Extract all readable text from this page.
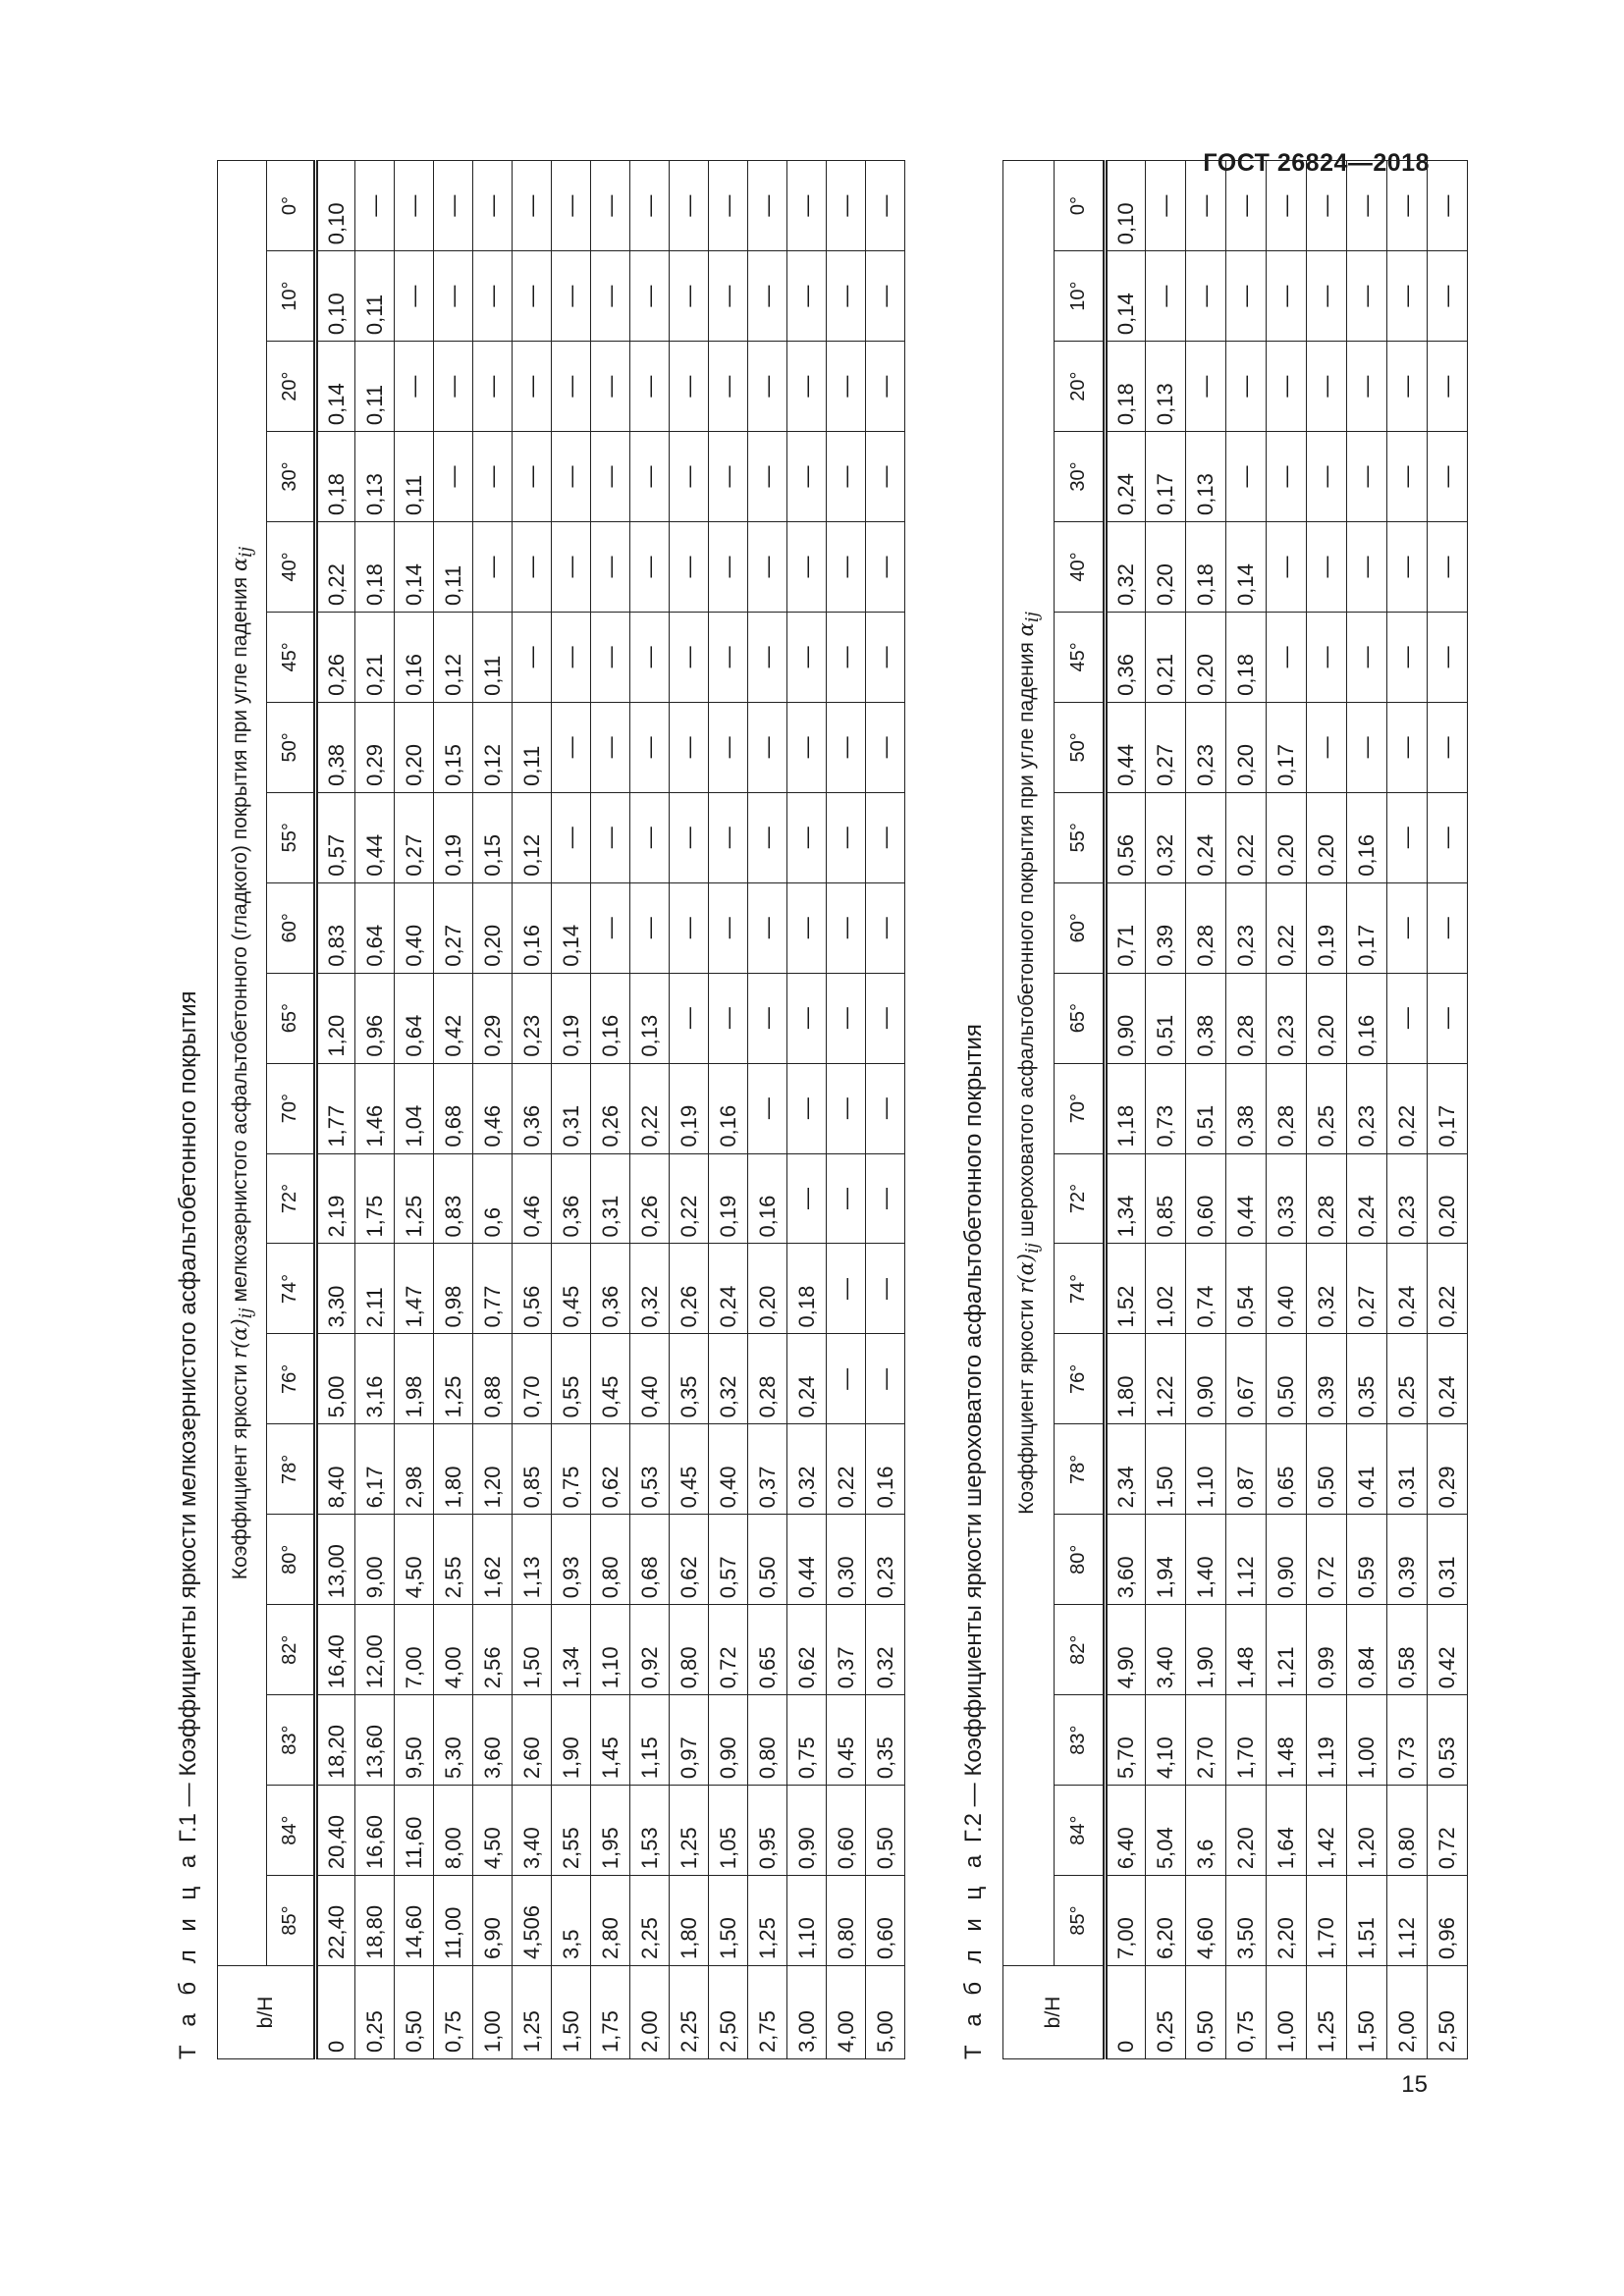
ГОСТ 26824—2018
Т а б л и ц а Г.1 — Коэффициенты яркости мелкозернистого асфальтобетонного покрытия
b/H	Коэффициент яркости $r(\alpha)_{ij}$ мелкозернистого асфальтобетонного (гладкого) покрытия при угле падения $\alpha_{ij}$
	85°	84°	83°	82°	80°	78°	76°	74°	72°	70°	65°	60°	55°	50°	45°	40°	30°	20°	10°	0°
0	22,40	20,40	18,20	16,40	13,00	8,40	5,00	3,30	2,19	1,77	1,20	0,83	0,57	0,38	0,26	0,22	0,18	0,14	0,10	0,10
0,25	18,80	16,60	13,60	12,00	9,00	6,17	3,16	2,11	1,75	1,46	0,96	0,64	0,44	0,29	0,21	0,18	0,13	0,11	0,11	—
0,50	14,60	11,60	9,50	7,00	4,50	2,98	1,98	1,47	1,25	1,04	0,64	0,40	0,27	0,20	0,16	0,14	0,11	—	—	—
0,75	11,00	8,00	5,30	4,00	2,55	1,80	1,25	0,98	0,83	0,68	0,42	0,27	0,19	0,15	0,12	0,11	—	—	—	—
1,00	6,90	4,50	3,60	2,56	1,62	1,20	0,88	0,77	0,6	0,46	0,29	0,20	0,15	0,12	0,11	—	—	—	—	—
1,25	4,506	3,40	2,60	1,50	1,13	0,85	0,70	0,56	0,46	0,36	0,23	0,16	0,12	0,11	—	—	—	—	—	—
1,50	3,5	2,55	1,90	1,34	0,93	0,75	0,55	0,45	0,36	0,31	0,19	0,14	—	—	—	—	—	—	—	—
1,75	2,80	1,95	1,45	1,10	0,80	0,62	0,45	0,36	0,31	0,26	0,16	—	—	—	—	—	—	—	—	—
2,00	2,25	1,53	1,15	0,92	0,68	0,53	0,40	0,32	0,26	0,22	0,13	—	—	—	—	—	—	—	—	—
2,25	1,80	1,25	0,97	0,80	0,62	0,45	0,35	0,26	0,22	0,19	—	—	—	—	—	—	—	—	—	—
2,50	1,50	1,05	0,90	0,72	0,57	0,40	0,32	0,24	0,19	0,16	—	—	—	—	—	—	—	—	—	—
2,75	1,25	0,95	0,80	0,65	0,50	0,37	0,28	0,20	0,16	—	—	—	—	—	—	—	—	—	—	—
3,00	1,10	0,90	0,75	0,62	0,44	0,32	0,24	0,18	—	—	—	—	—	—	—	—	—	—	—	—
4,00	0,80	0,60	0,45	0,37	0,30	0,22	—	—	—	—	—	—	—	—	—	—	—	—	—	—
5,00	0,60	0,50	0,35	0,32	0,23	0,16	—	—	—	—	—	—	—	—	—	—	—	—	—	—
Т а б л и ц а Г.2 — Коэффициенты яркости шероховатого асфальтобетонного покрытия
b/H	Коэффициент яркости $r(\alpha)_{ij}$ шероховатого асфальтобетонного покрытия при угле падения $\alpha_{ij}$
	85°	84°	83°	82°	80°	78°	76°	74°	72°	70°	65°	60°	55°	50°	45°	40°	30°	20°	10°	0°
0	7,00	6,40	5,70	4,90	3,60	2,34	1,80	1,52	1,34	1,18	0,90	0,71	0,56	0,44	0,36	0,32	0,24	0,18	0,14	0,10
0,25	6,20	5,04	4,10	3,40	1,94	1,50	1,22	1,02	0,85	0,73	0,51	0,39	0,32	0,27	0,21	0,20	0,17	0,13	—	—
0,50	4,60	3,6	2,70	1,90	1,40	1,10	0,90	0,74	0,60	0,51	0,38	0,28	0,24	0,23	0,20	0,18	0,13	—	—	—
0,75	3,50	2,20	1,70	1,48	1,12	0,87	0,67	0,54	0,44	0,38	0,28	0,23	0,22	0,20	0,18	0,14	—	—	—	—
1,00	2,20	1,64	1,48	1,21	0,90	0,65	0,50	0,40	0,33	0,28	0,23	0,22	0,20	0,17	—	—	—	—	—	—
1,25	1,70	1,42	1,19	0,99	0,72	0,50	0,39	0,32	0,28	0,25	0,20	0,19	0,20	—	—	—	—	—	—	—
1,50	1,51	1,20	1,00	0,84	0,59	0,41	0,35	0,27	0,24	0,23	0,16	0,17	0,16	—	—	—	—	—	—	—
2,00	1,12	0,80	0,73	0,58	0,39	0,31	0,25	0,24	0,23	0,22	—	—	—	—	—	—	—	—	—	—
2,50	0,96	0,72	0,53	0,42	0,31	0,29	0,24	0,22	0,20	0,17	—	—	—	—	—	—	—	—	—	—
15
